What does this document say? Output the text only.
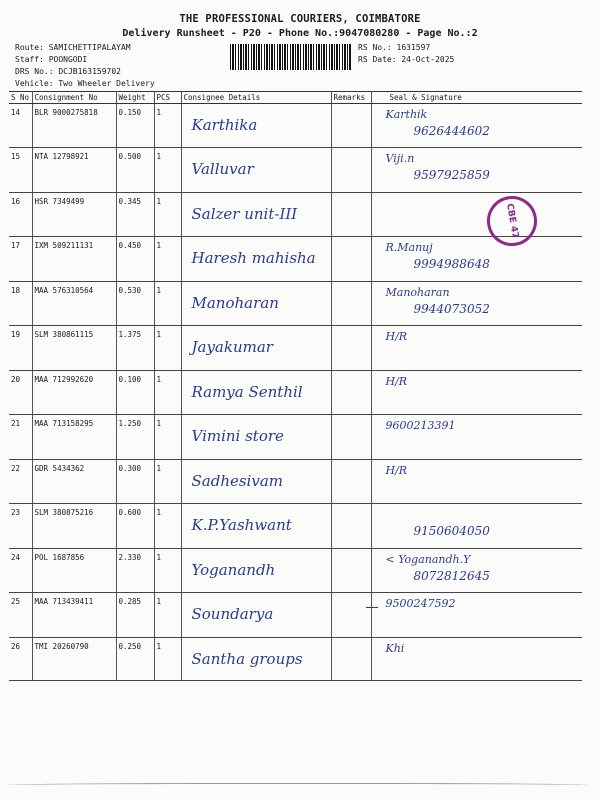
THE PROFESSIONAL COURIERS, COIMBATORE
Delivery Runsheet - P20 - Phone No.:9047080280 - Page No.:2
Route: SAMICHETTIPALAYAM
Staff: POONGODI
DRS No.: DCJB163159702
Vehicle: Two Wheeler Delivery
RS No.: 1631597
RS Date: 24-Oct-2025
S No	Consignment No	Weight	PCS	Consignee Details	Remarks	Seal & Signature
14	BLR 9000275818	0.150	1	Karthika		Karthik
9626444602

15	NTA 12798921	0.500	1	Valluvar		Viji.n
9597925859

16	HSR 7349499	0.345	1	Salzer unit-III		

17	IXM 509211131	0.450	1	Haresh mahisha		R.Manuj
9994988648

18	MAA 576310564	0.530	1	Manoharan		Manoharan
9944073052

19	SLM 380861115	1.375	1	Jayakumar		H/R

20	MAA 712992620	0.100	1	Ramya Senthil		H/R

21	MAA 713158295	1.250	1	Vimini store		9600213391

22	GDR 5434362	0.300	1	Sadhesivam		H/R

23	SLM 380875216	0.600	1	K.P.Yashwant		9150604050

24	POL 1687856	2.330	1	Yoganandh		< Yoganandh.Y
8072812645

25	MAA 713439411	0.285	1	Soundarya		9500247592

26	TMI 20260790	0.250	1	Santha groups		Khi
CBE 47
